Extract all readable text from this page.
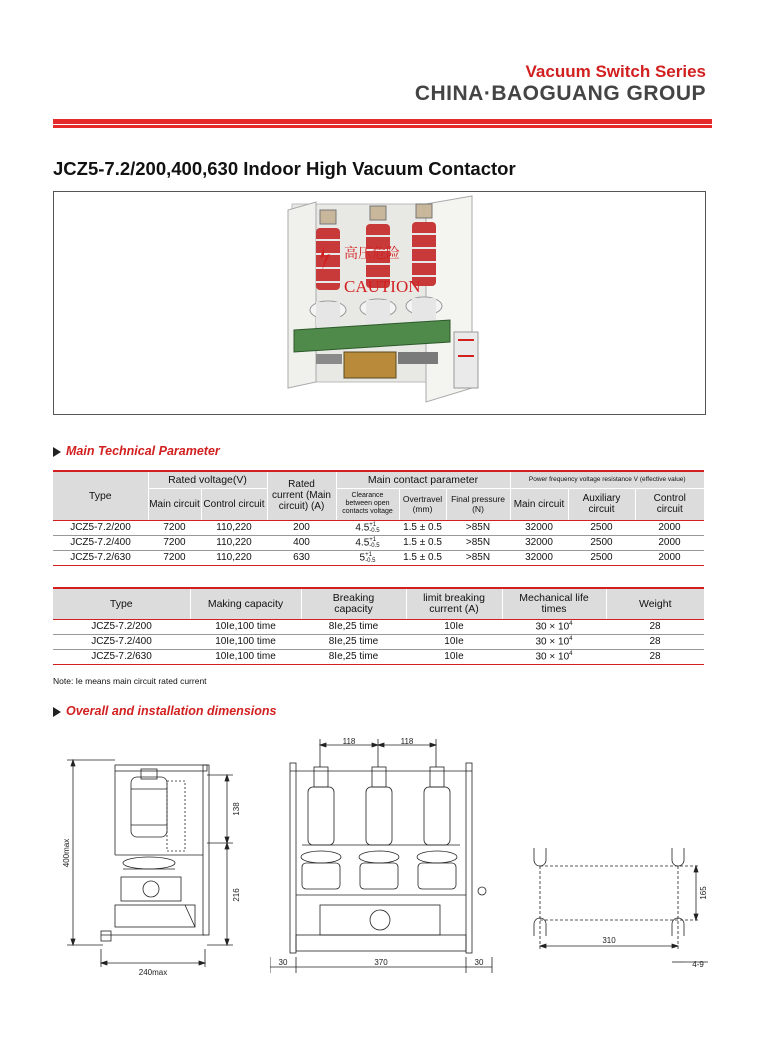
Vacuum Switch Series
CHINA·BAOGUANG GROUP
JCZ5-7.2/200,400,630 Indoor High Vacuum Contactor
高压危险
CAUTION
Main Technical Parameter
Type	Rated voltage(V)		Rated current (Main circuit) (A)	Main contact parameter			Power frequency voltage resistance V (effective value)		
	Main circuit	Control circuit		Clearance between open contacts voltage	Overtravel (mm)	Final pressure (N)	Main circuit	Auxiliary circuit	Control circuit
JCZ5-7.2/200	7200	110,220	200	4.5+1
-0.5	1.5 ± 0.5	>85N	32000	2500	2000
JCZ5-7.2/400	7200	110,220	400	4.5+1
-0.5	1.5 ± 0.5	>85N	32000	2500	2000
JCZ5-7.2/630	7200	110,220	630	5+1
-0.5	1.5 ± 0.5	>85N	32000	2500	2000
Type	Making capacity	Breaking capacity	limit breaking current (A)	Mechanical life times	Weight
JCZ5-7.2/200	10Ie,100 time	8Ie,25 time	10Ie	$30 \times 10^4$	28
JCZ5-7.2/400	10Ie,100 time	8Ie,25 time	10Ie	$30 \times 10^4$	28
JCZ5-7.2/630	10Ie,100 time	8Ie,25 time	10Ie	$30 \times 10^4$	28
Note: Ie means main circuit rated current
Overall and installation dimensions
400max
138
216
240max
118	118
30	370	30
165
310
4-9
